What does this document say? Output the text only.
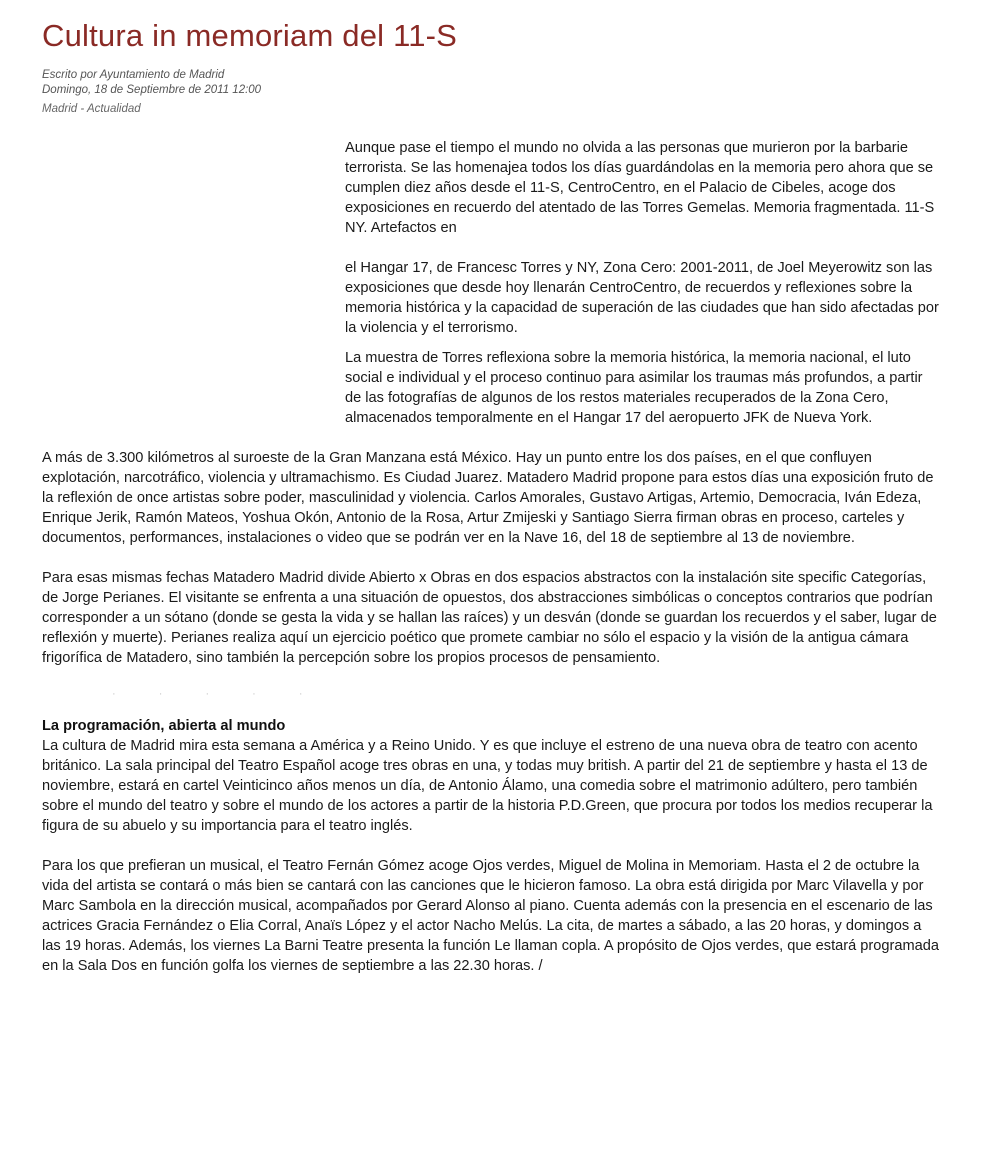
Cultura in memoriam del 11-S
Escrito por Ayuntamiento de Madrid
Domingo, 18 de Septiembre de 2011 12:00
Madrid - Actualidad

Aunque pase el tiempo el mundo no olvida a las personas que murieron por la barbarie terrorista. Se las homenajea todos los días guardándolas en la memoria pero ahora que se cumplen diez años desde el 11-S, CentroCentro, en el Palacio de Cibeles, acoge dos exposiciones en recuerdo del atentado de las Torres Gemelas. Memoria fragmentada. 11-S NY. Artefactos en

el Hangar 17, de Francesc Torres y NY, Zona Cero: 2001-2011, de Joel Meyerowitz son las exposiciones que desde hoy llenarán CentroCentro, de recuerdos y reflexiones sobre la memoria histórica y la capacidad de superación de las ciudades que han sido afectadas por la violencia y el terrorismo.

La muestra de Torres reflexiona sobre la memoria histórica, la memoria nacional, el luto social e individual y el proceso continuo para asimilar los traumas más profundos, a partir de las fotografías de algunos de los restos materiales recuperados de la Zona Cero, almacenados temporalmente en el Hangar 17 del aeropuerto JFK de Nueva York.

A más de 3.300 kilómetros al suroeste de la Gran Manzana está México. Hay un punto entre los dos países, en el que confluyen explotación, narcotráfico, violencia y ultramachismo. Es Ciudad Juarez. Matadero Madrid propone para estos días una exposición fruto de la reflexión de once artistas sobre poder, masculinidad y violencia. Carlos Amorales, Gustavo Artigas, Artemio, Democracia, Iván Edeza, Enrique Jerik, Ramón Mateos, Yoshua Okón, Antonio de la Rosa, Artur Zmijeski y Santiago Sierra firman obras en proceso, carteles y documentos, performances, instalaciones o video que se podrán ver en la Nave 16, del 18 de septiembre al 13 de noviembre.

Para esas mismas fechas Matadero Madrid divide Abierto x Obras en dos espacios abstractos con la instalación site specific Categorías, de Jorge Perianes. El visitante se enfrenta a una situación de opuestos, dos abstracciones simbólicas o conceptos contrarios que podrían corresponder a un sótano (donde se gesta la vida y se hallan las raíces) y un desván (donde se guardan los recuerdos y el saber, lugar de reflexión y muerte). Perianes realiza aquí un ejercicio poético que promete cambiar no sólo el espacio y la visión de la antigua cámara frigorífica de Matadero, sino también la percepción sobre los propios procesos de pensamiento.

· · · · ·
La programación, abierta al mundo

La cultura de Madrid mira esta semana a América y a Reino Unido. Y es que incluye el estreno de una nueva obra de teatro con acento británico. La sala principal del Teatro Español acoge tres obras en una, y todas muy british. A partir del 21 de septiembre y hasta el 13 de noviembre, estará en cartel Veinticinco años menos un día, de Antonio Álamo, una comedia sobre el matrimonio adúltero, pero también sobre el mundo del teatro y sobre el mundo de los actores a partir de la historia P.D.Green, que procura por todos los medios recuperar la figura de su abuelo y su importancia para el teatro inglés.

Para los que prefieran un musical, el Teatro Fernán Gómez acoge Ojos verdes, Miguel de Molina in Memoriam. Hasta el 2 de octubre la vida del artista se contará o más bien se cantará con las canciones que le hicieron famoso. La obra está dirigida por Marc Vilavella y por Marc Sambola en la dirección musical, acompañados por Gerard Alonso al piano. Cuenta además con la presencia en el escenario de las actrices Gracia Fernández o Elia Corral, Anaïs López y el actor Nacho Melús. La cita, de martes a sábado, a las 20 horas, y domingos a las 19 horas. Además, los viernes La Barni Teatre presenta la función Le llaman copla. A propósito de Ojos verdes, que estará programada en la Sala Dos en función golfa los viernes de septiembre a las 22.30 horas. /
